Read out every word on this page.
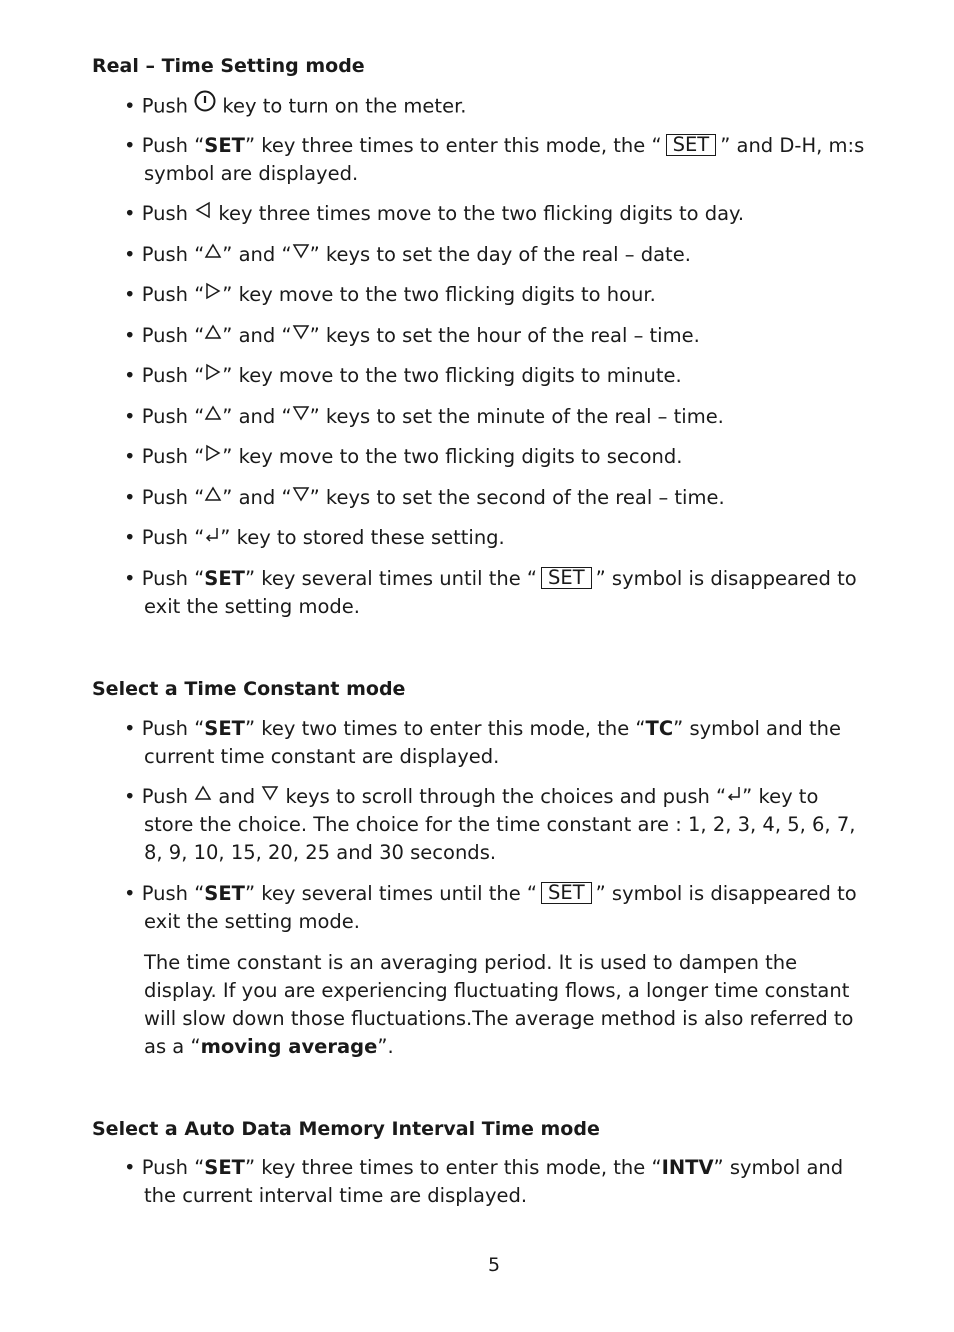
Real – Time Setting mode
• Push  key to turn on the meter.
• Push “SET” key three times to enter this mode, the “ SET ” and D-H, m:s
symbol are displayed.
• Push  key three times move to the two flicking digits to day.
• Push “ ” and “ ” keys to set the day of the real – date.
• Push “ ” key move to the two flicking digits to hour.
• Push “ ” and “ ” keys to set the hour of the real – time.
• Push “ ” key move to the two flicking digits to minute.
• Push “ ” and “ ” keys to set the minute of the real – time.
• Push “ ” key move to the two flicking digits to second.
• Push “ ” and “ ” keys to set the second of the real – time.
• Push “ ” key to stored these setting.
• Push “SET” key several times until the “ SET ” symbol is disappeared to
exit the setting mode.
Select a Time Constant mode
• Push “SET” key two times to enter this mode, the “TC” symbol and the
current time constant are displayed.
• Push  and  keys to scroll through the choices and push “ ” key to
store the choice. The choice for the time constant are : 1, 2, 3, 4, 5, 6, 7,
8, 9, 10, 15, 20, 25 and 30 seconds.
• Push “SET” key several times until the “ SET ” symbol is disappeared to
exit the setting mode.
The time constant is an averaging period. It is used to dampen the
display. If you are experiencing fluctuating flows, a longer time constant
will slow down those fluctuations.The average method is also referred to
as a “moving average”.
Select a Auto Data Memory Interval Time mode
• Push “SET” key three times to enter this mode, the “INTV” symbol and
the current interval time are displayed.
5
